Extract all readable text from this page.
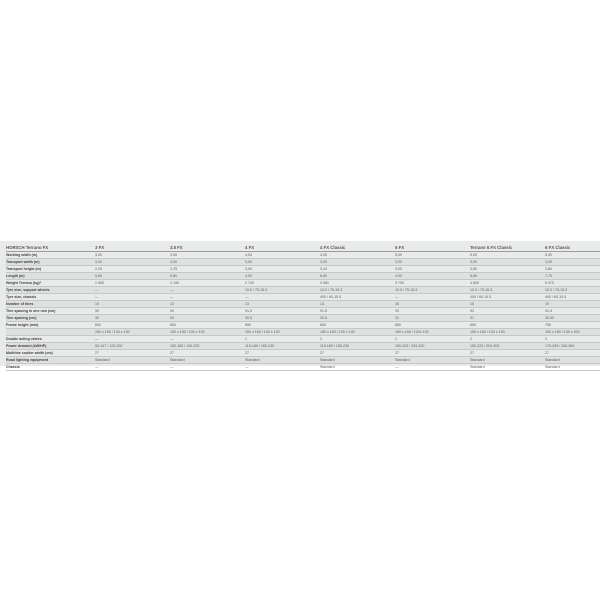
HORSCH Terrano FX	3 FX	3.5 FX	4 FX	4 FX Classic	5 FX	Terrano 5 FX Classic	6 FX Classic
Working width (m)	3,00	3,50	4,00	4,00	5,00	5,00	5,90
Transport width (m)	3,00	3,50	3,00	3,00	3,00	3,00	3,00
Transport height (m)	2,25	2,25	3,00	3,10	3,00	3,80	3,80
Length (m)	5,80	5,80	4,00	6,80	4,00	6,80	7,70
Weight Terrano (kg)*	1 960	2 190	2 740	3 960	3 700	4 800	5 470
Tyre size, support wheels	—	—	10.0 / 75-15.3	10.0 / 75-15.3	10.0 / 75-15.3	10.0 / 75-15.3	10.0 / 75-15.3
Tyre size, chassis	—	—	—	400 / 60-15.5	—	400 / 60-15.5	400 / 60-15.5
Number of tines	10	12	13	13	16	16	19
Tine spacing in one row (cm)	90	90	91,5	91,5	93	93	91,5
Tine spacing (cm)	30	29	30,5	30,5	31	31	30,50
Frame height (mm)	650	650	650	650	650	650	750
	150 x 150 / 130 x 130	150 x 150 / 130 x 130	150 x 150 / 130 x 130	150 x 150 / 130 x 130	150 x 150 / 120x 130	150 x 150 / 130 x 130	150 x 150 / 130 x 200
Double acting valves	—	—	1	2	1	2	2
Power demand (kW/HP)	90-147 / 120-200	100-165 / 140-220	119-180 / 160-230	119-180 / 160-230	150-220 / 209-300	150-220 / 209-300	179-269 / 240-360
Multitine coulter width (cm)	27	27	27	27	27	27	27
Road lighting equipment	Standard	Standard	Standard	Standard	Standard	Standard	Standard
Chassis	—	—	—	Standard	—	Standard	Standard
